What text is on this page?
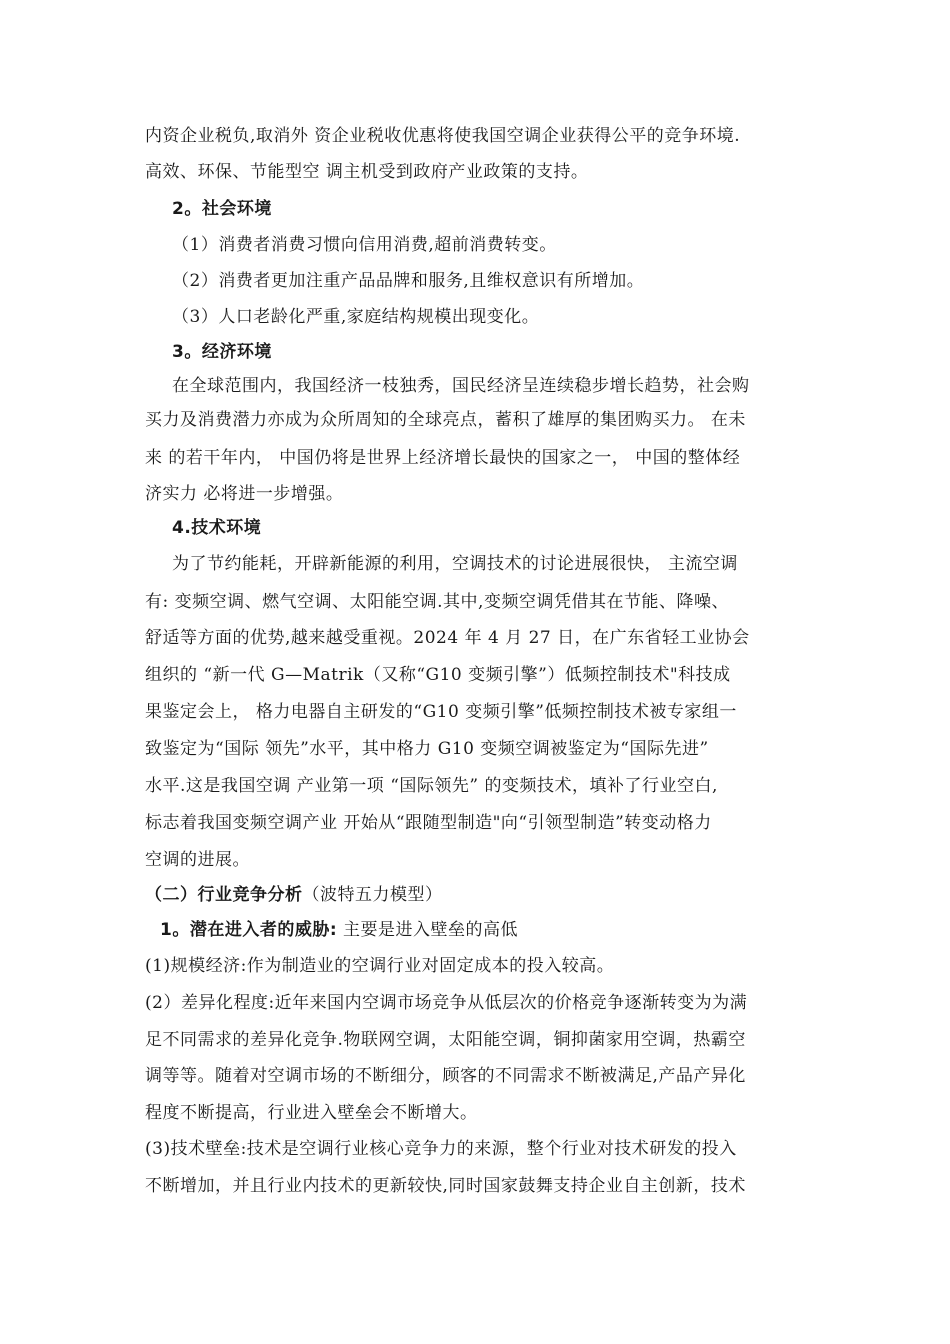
内资企业税负,取消外 资企业税收优惠将使我国空调企业获得公平的竞争环境.
高效、环保、节能型空 调主机受到政府产业政策的支持。
2。社会环境
（1）消费者消费习惯向信用消费,超前消费转变。
（2）消费者更加注重产品品牌和服务,且维权意识有所增加。
（3）人口老龄化严重,家庭结构规模出现变化。
3。经济环境
在全球范围内，我国经济一枝独秀，国民经济呈连续稳步增长趋势，社会购
买力及消费潜力亦成为众所周知的全球亮点，蓄积了雄厚的集团购买力。 在未
来 的若干年内， 中国仍将是世界上经济增长最快的国家之一， 中国的整体经
济实力 必将进一步增强。
4.技术环境
为了节约能耗，开辟新能源的利用，空调技术的讨论进展很快， 主流空调
有: 变频空调、燃气空调、太阳能空调.其中,变频空调凭借其在节能、降噪、
舒适等方面的优势,越来越受重视。2024 年 4 月 27 日，在广东省轻工业协会
组织的 “新一代 G—Matrik（又称“G10 变频引擎”）低频控制技术"科技成
果鉴定会上， 格力电器自主研发的“G10 变频引擎”低频控制技术被专家组一
致鉴定为“国际 领先”水平，其中格力 G10 变频空调被鉴定为“国际先进”
水平.这是我国空调 产业第一项 “国际领先” 的变频技术，填补了行业空白,
标志着我国变频空调产业 开始从“跟随型制造"向“引领型制造”转变动格力
空调的进展。
（二）行业竞争分析（波特五力模型）
1。潜在进入者的威胁: 主要是进入壁垒的高低
(1)规模经济:作为制造业的空调行业对固定成本的投入较高。
(2）差异化程度:近年来国内空调市场竞争从低层次的价格竞争逐渐转变为为满
足不同需求的差异化竞争.物联网空调，太阳能空调，铜抑菌家用空调，热霸空
调等等。随着对空调市场的不断细分，顾客的不同需求不断被满足,产品产异化
程度不断提高，行业进入壁垒会不断增大。
(3)技术壁垒:技术是空调行业核心竞争力的来源，整个行业对技术研发的投入
不断增加，并且行业内技术的更新较快,同时国家鼓舞支持企业自主创新，技术
